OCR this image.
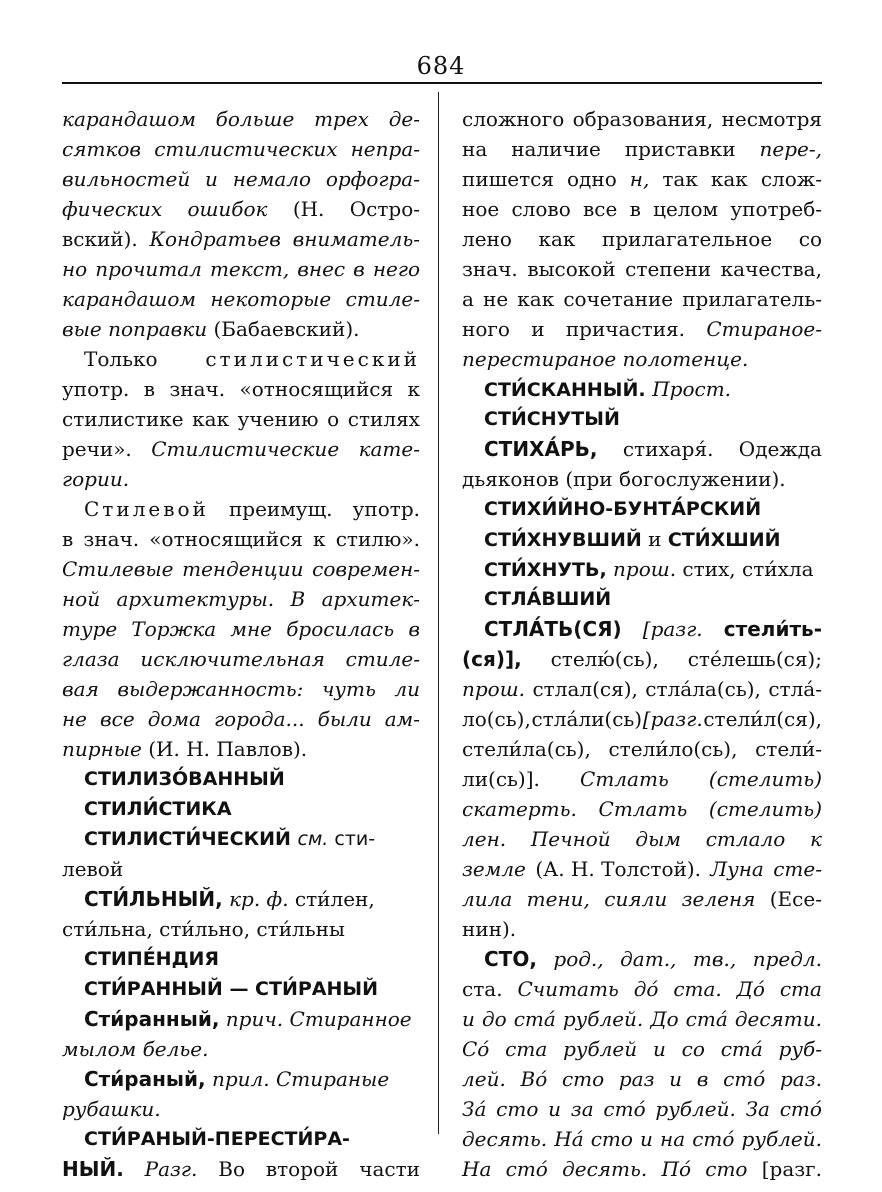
684
карандашом больше трех де-
сятков стилистических непра-
вильностей и немало орфогра-
фических ошибок (Н. Остро-
вский). Кондратьев вниматель-
но прочитал текст, внес в него
карандашом некоторые стиле-
вые поправки (Бабаевский).
Только стилистический
употр. в знач. «относящийся к
стилистике как учению о стилях
речи». Стилистические кате-
гории.
Стилевой преимущ. употр.
в знач. «относящийся к стилю».
Стилевые тенденции современ-
ной архитектуры. В архитек-
туре Торжка мне бросилась в
глаза исключительная стиле-
вая выдержанность: чуть ли
не все дома города... были ам-
пирные (И. Н. Павлов).
СТИЛИЗО́ВАННЫЙ
СТИЛИ́СТИКА
СТИЛИСТИ́ЧЕСКИЙ см. сти-
левой
СТИ́ЛЬНЫЙ, кр. ф. сти́лен,
сти́льна, сти́льно, сти́льны
СТИПЕ́НДИЯ
СТИ́РАННЫЙ — СТИ́РАНЫЙ
Сти́ранный, прич. Стиранное
мылом белье.
Сти́раный, прил. Стираные
рубашки.
СТИ́РАНЫЙ-ПЕРЕСТИ́РА-
НЫЙ. Разг. Во второй части
сложного образования, несмотря
на наличие приставки пере-,
пишется одно н, так как слож-
ное слово все в целом употреб-
лено как прилагательное со
знач. высокой степени качества,
а не как сочетание прилагатель-
ного и причастия. Стираное-
перестираное полотенце.
СТИ́СКАННЫЙ. Прост.
СТИ́СНУТЫЙ
СТИХА́РЬ, стихаря́. Одежда
дьяконов (при богослужении).
СТИХИ́ЙНО-БУНТА́РСКИЙ
СТИ́ХНУВШИЙ и СТИ́ХШИЙ
СТИ́ХНУТЬ, прош. стих, сти́хла
СТЛА́ВШИЙ
СТЛА́ТЬ(СЯ) [разг. стели́ть-
(ся)], стелю́(сь), сте́лешь(ся);
прош. стлал(ся), стла́ла(сь), стла́-
ло(сь), стла́ли(сь) [разг. стели́л(ся),
стели́ла(сь), стели́ло(сь), стели́-
ли(сь)]. Стлать (стелить)
скатерть. Стлать (стелить)
лен. Печной дым стлало к
земле (А. Н. Толстой). Луна сте-
лила тени, сияли зеленя (Есе-
нин).
СТО, род., дат., тв., предл.
ста. Считать до́ ста. До́ ста
и до ста́ рублей. До ста́ десяти.
Со́ ста рублей и со ста́ руб-
лей. Во́ сто раз и в сто́ раз.
За́ сто и за сто́ рублей. За сто́
десять. На́ сто и на сто́ рублей.
На сто́ десять. По́ сто [разг.
